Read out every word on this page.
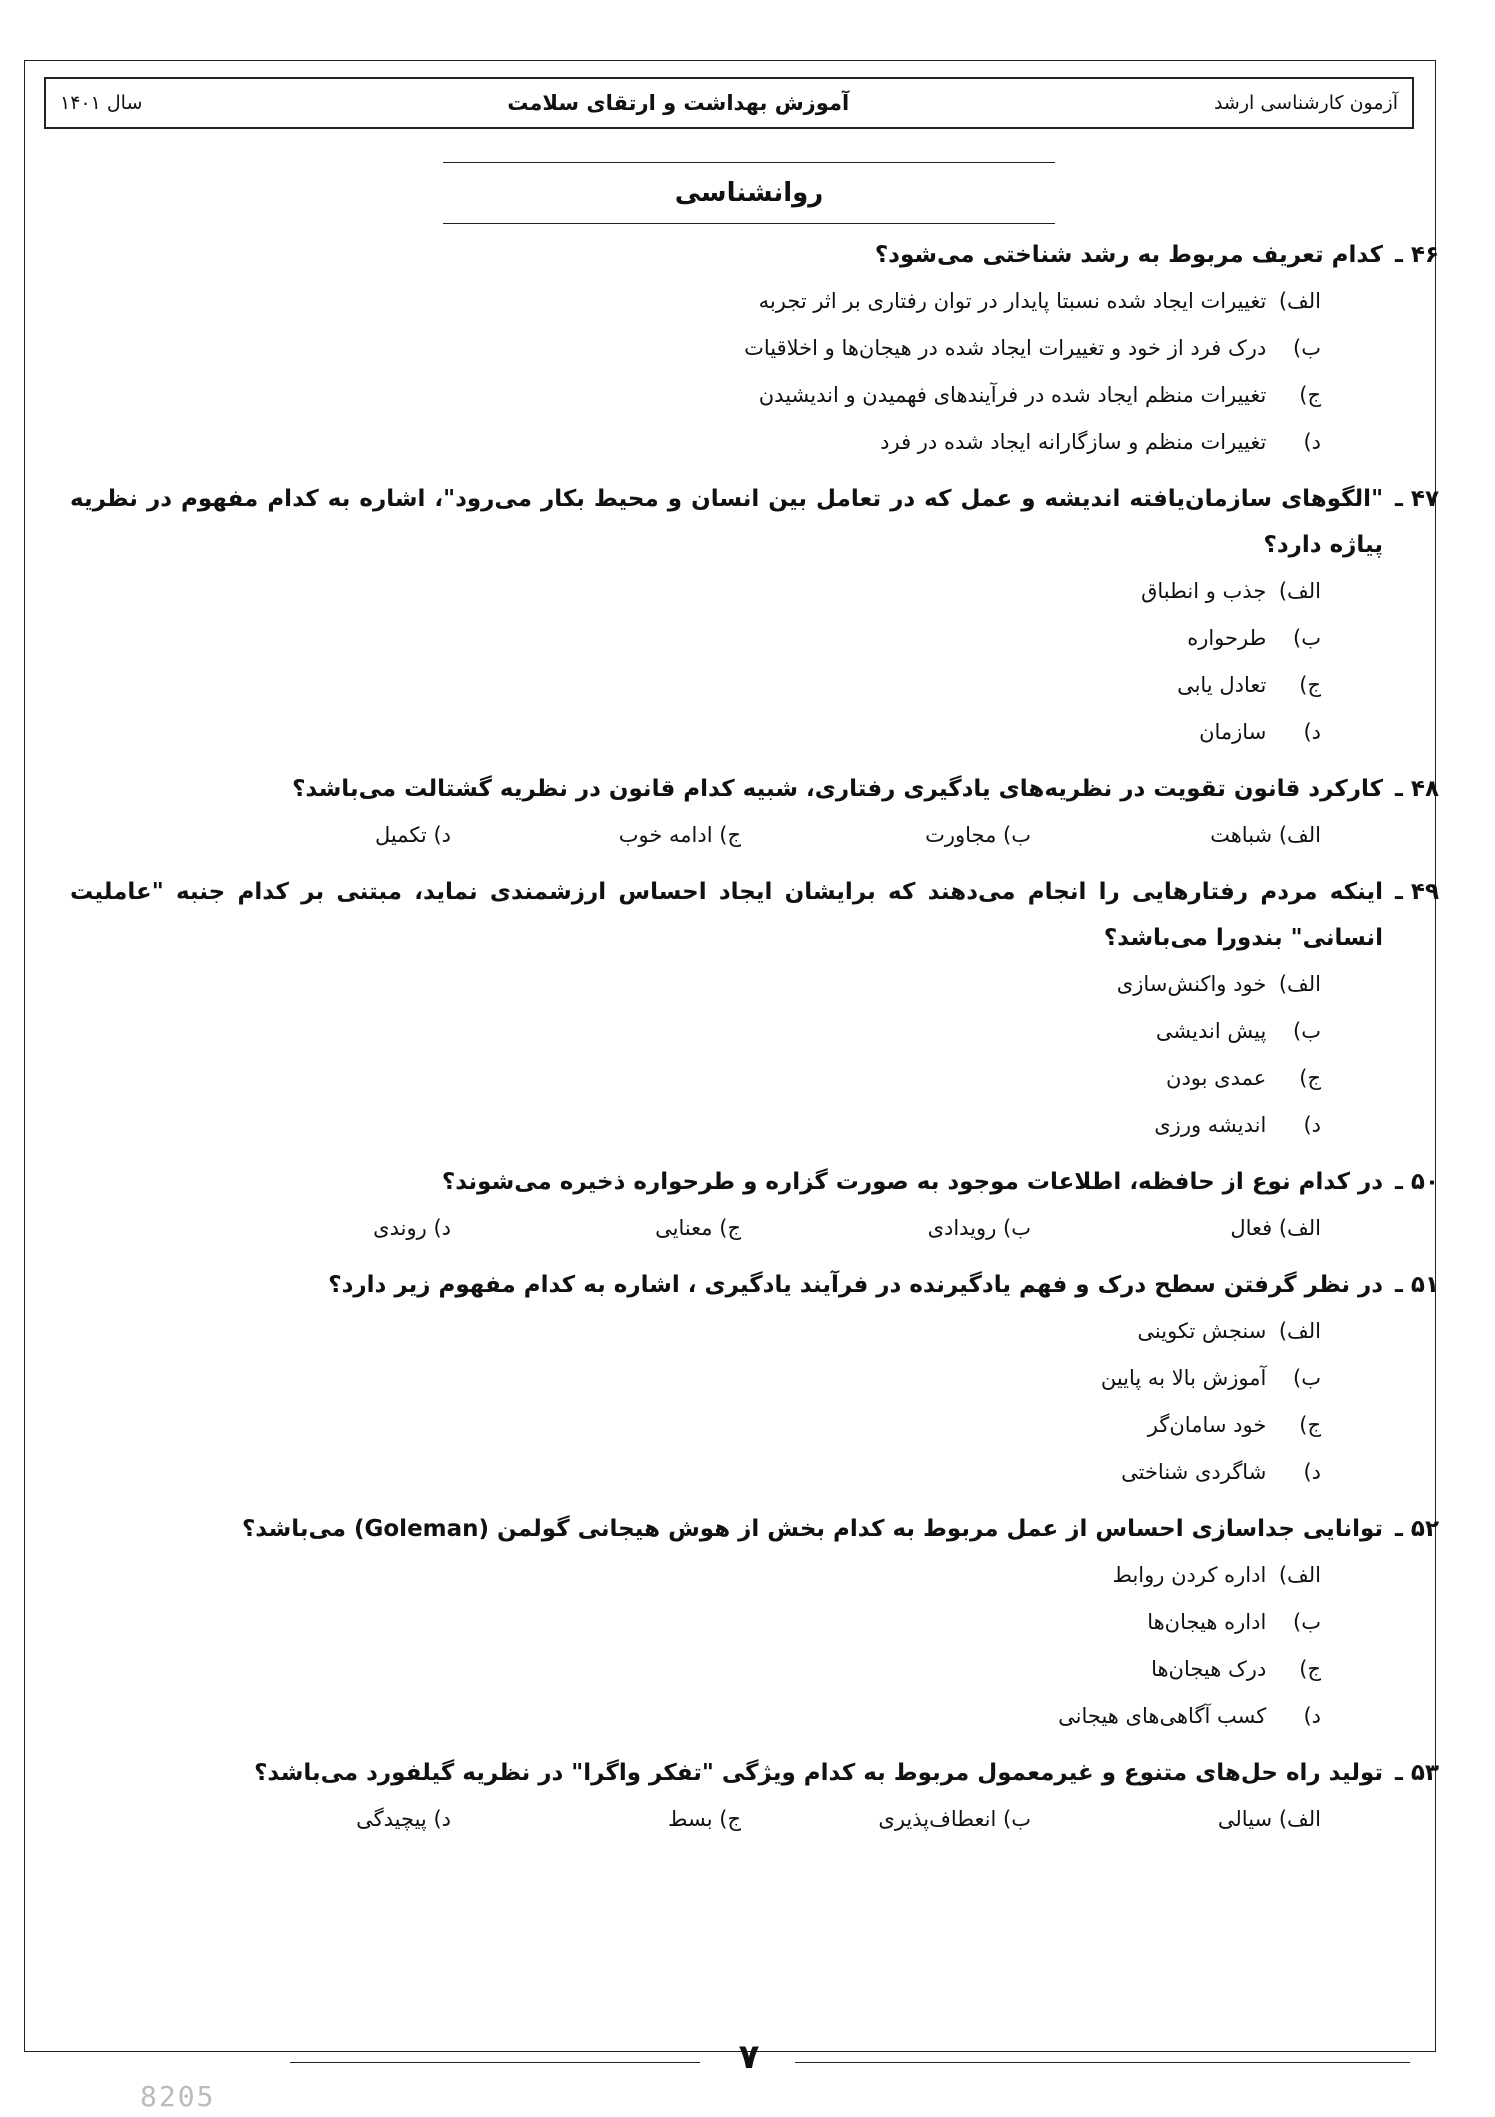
آزمون کارشناسی ارشد
آموزش بهداشت و ارتقای سلامت
سال ۱۴۰۱
روانشناسی
۴۶ ـ
کدام تعریف مربوط به رشد شناختی می‌شود؟
الف) تغییرات ایجاد شده نسبتا پایدار در توان رفتاری بر اثر تجربه
ب) درک فرد از خود و تغییرات ایجاد شده در هیجان‌ها و اخلاقیات
ج) تغییرات منظم ایجاد شده در فرآیندهای فهمیدن و اندیشیدن
د) تغییرات منظم و سازگارانه ایجاد شده در فرد
۴۷ ـ
"الگوهای سازمان‌یافته اندیشه و عمل که در تعامل بین انسان و محیط بکار می‌رود"، اشاره به کدام مفهوم در نظریه پیاژه دارد؟
الف) جذب و انطباق
ب) طرحواره
ج) تعادل یابی
د) سازمان
۴۸ ـ
کارکرد قانون تقویت در نظریه‌های یادگیری رفتاری، شبیه کدام قانون در نظریه گشتالت می‌باشد؟
الف) شباهت
ب) مجاورت
ج) ادامه خوب
د) تکمیل
۴۹ ـ
اینکه مردم رفتارهایی را انجام می‌دهند که برایشان ایجاد احساس ارزشمندی نماید، مبتنی بر کدام جنبه "عاملیت انسانی" بندورا می‌باشد؟
الف) خود واکنش‌سازی
ب) پیش اندیشی
ج) عمدی بودن
د) اندیشه ورزی
۵۰ ـ
در کدام نوع از حافظه، اطلاعات موجود به صورت گزاره و طرحواره ذخیره می‌شوند؟
الف) فعال
ب) رویدادی
ج) معنایی
د) روندی
۵۱ ـ
در نظر گرفتن سطح درک و فهم یادگیرنده در فرآیند یادگیری ، اشاره به کدام مفهوم زیر دارد؟
الف) سنجش تکوینی
ب) آموزش بالا به پایین
ج) خود سامان‌گر
د) شاگردی شناختی
۵۲ ـ
توانایی جداسازی احساس از عمل مربوط به کدام بخش از هوش هیجانی گولمن (Goleman) می‌باشد؟
الف) اداره کردن روابط
ب) اداره هیجان‌ها
ج) درک هیجان‌ها
د) کسب آگاهی‌های هیجانی
۵۳ ـ
تولید راه حل‌های متنوع و غیرمعمول مربوط به کدام ویژگی "تفکر واگرا" در نظریه گیلفورد می‌باشد؟
الف) سیالی
ب) انعطاف‌پذیری
ج) بسط
د) پیچیدگی
۷
8205
